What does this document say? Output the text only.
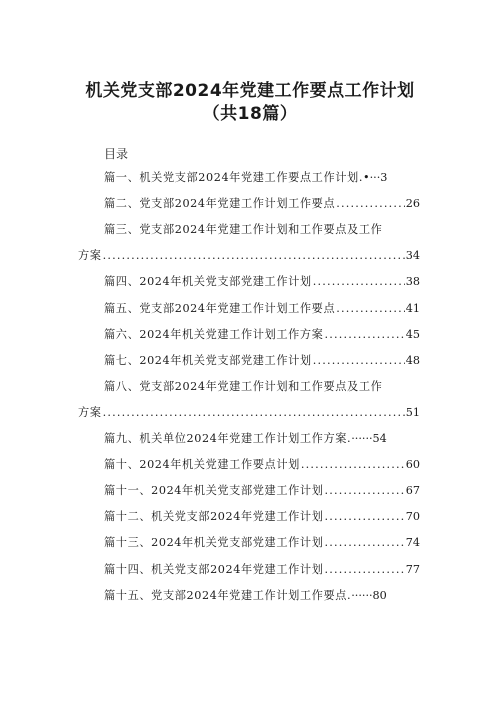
机关党支部2024年党建工作要点工作计划
（共18篇）
目录
篇一、机关党支部2024年党建工作要点工作计划. •···3
篇二、党支部2024年党建工作计划工作要点 .....	26
篇三、党支部2024年党建工作计划和工作要点及工作
方案 .....	34
篇四、2024年机关党支部党建工作计划 .....	38
篇五、党支部2024年党建工作计划工作要点 .....	41
篇六、2024年机关党建工作计划工作方案 .....	45
篇七、2024年机关党支部党建工作计划 .....	48
篇八、党支部2024年党建工作计划和工作要点及工作
方案 .....	51
篇九、机关单位2024年党建工作计划工作方案. ······54
篇十、2024年机关党建工作要点计划 .....	60
篇十一、2024年机关党支部党建工作计划 .....	67
篇十二、机关党支部2024年党建工作计划 .....	70
篇十三、2024年机关党支部党建工作计划 .....	74
篇十四、机关党支部2024年党建工作计划 .....	77
篇十五、党支部2024年党建工作计划工作要点. ······80
